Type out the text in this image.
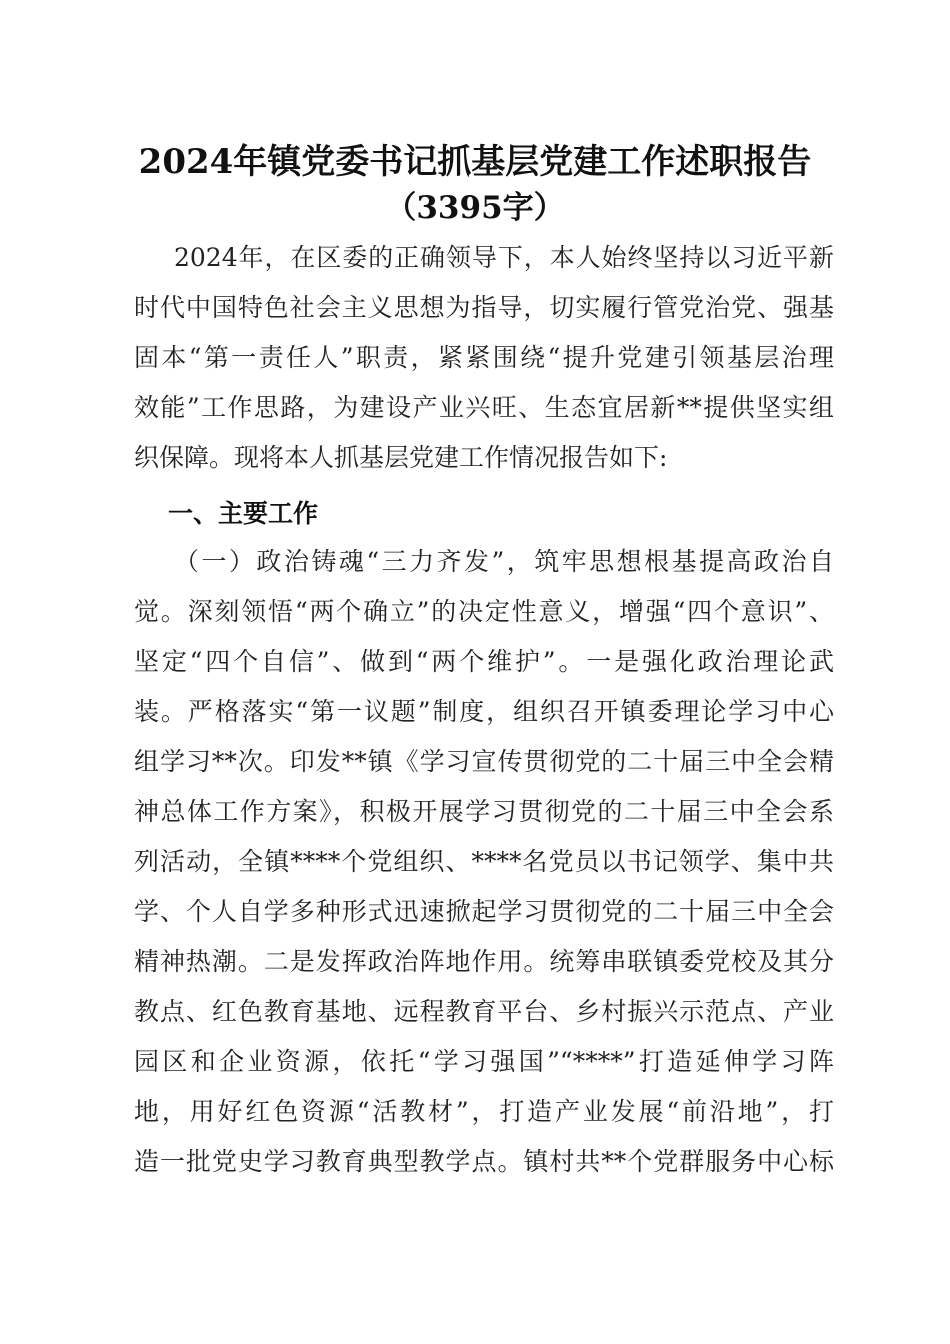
2024年镇党委书记抓基层党建工作述职报告
（3395字）
2024年，在区委的正确领导下，本人始终坚持以习近平新
时代中国特色社会主义思想为指导，切实履行管党治党、强基
固本“第一责任人”职责，紧紧围绕“提升党建引领基层治理
效能”工作思路，为建设产业兴旺、生态宜居新**提供坚实组
织保障。现将本人抓基层党建工作情况报告如下:
一、主要工作
（一）政治铸魂“三力齐发”，筑牢思想根基提高政治自
觉。深刻领悟“两个确立”的决定性意义，增强“四个意识”、
坚定“四个自信”、做到“两个维护”。一是强化政治理论武
装。严格落实“第一议题”制度，组织召开镇委理论学习中心
组学习**次。印发**镇《学习宣传贯彻党的二十届三中全会精
神总体工作方案》，积极开展学习贯彻党的二十届三中全会系
列活动，全镇****个党组织、****名党员以书记领学、集中共
学、个人自学多种形式迅速掀起学习贯彻党的二十届三中全会
精神热潮。二是发挥政治阵地作用。统筹串联镇委党校及其分
教点、红色教育基地、远程教育平台、乡村振兴示范点、产业
园区和企业资源，依托“学习强国”“****”打造延伸学习阵
地，用好红色资源“活教材”，打造产业发展“前沿地”，打
造一批党史学习教育典型教学点。镇村共**个党群服务中心标
